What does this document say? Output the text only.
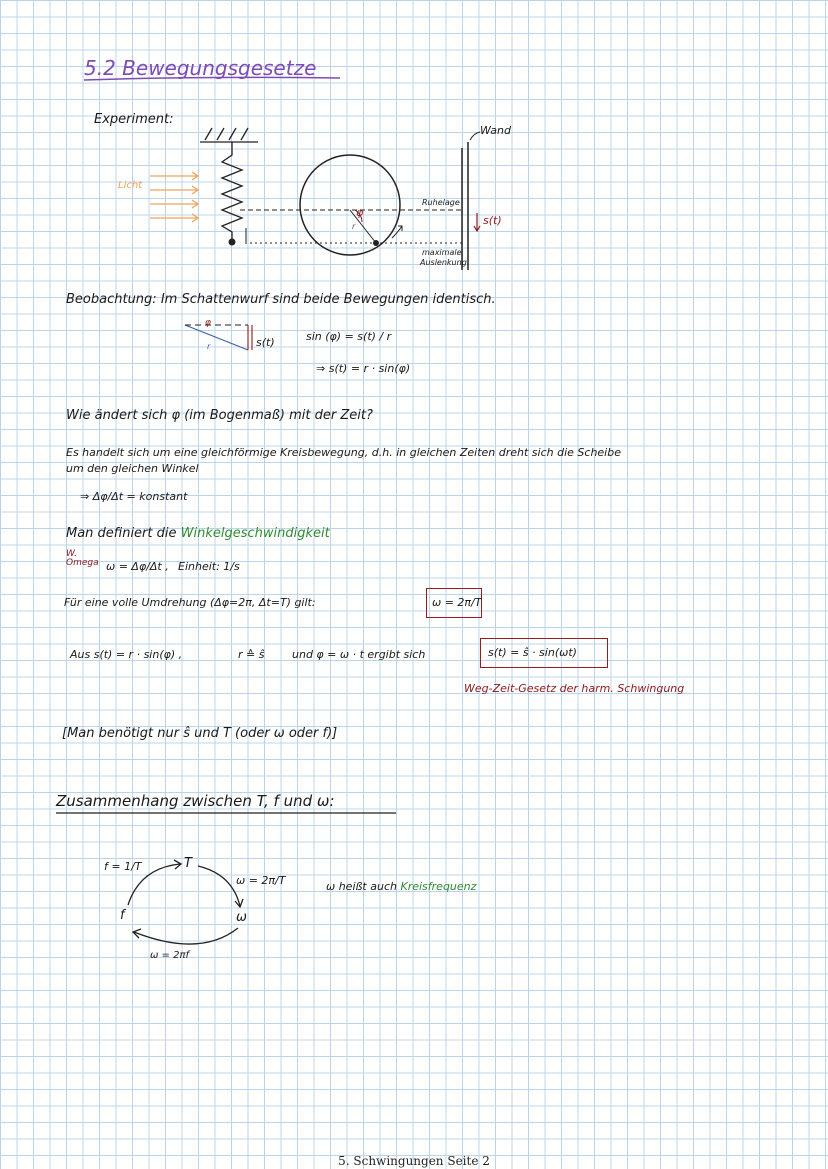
5.2 Bewegungsgesetze
Experiment:
Wand
Licht
Ruhelage
maximale
Auslenkung
s(t)
φ
r
Beobachtung: Im Schattenwurf sind beide Bewegungen identisch.
φ
r	s(t)	sin (φ) = s(t) / r
⇒ s(t) = r · sin(φ)
Wie ändert sich φ (im Bogenmaß) mit der Zeit?
Es handelt sich um eine gleichförmige Kreisbewegung, d.h. in gleichen Zeiten dreht sich die Scheibe
um den gleichen Winkel
⇒ Δφ/Δt = konstant
Man definiert die Winkelgeschwindigkeit
W. Omega ω = Δφ/Δt , Einheit: 1/s
Für eine volle Umdrehung (Δφ=2π, Δt=T) gilt:	ω = 2π/T
Aus s(t) = r · sin(φ) ,	r ≙ ŝ	und φ = ω · t ergibt sich	s(t) = ŝ · sin(ωt)
Weg-Zeit-Gesetz der harm. Schwingung
[Man benötigt nur ŝ und T (oder ω oder f)]
Zusammenhang zwischen T, f und ω:
T
f	ω
f = 1/T
ω = 2π/T
ω = 2πf
ω heißt auch Kreisfrequenz
5. Schwingungen Seite 2
